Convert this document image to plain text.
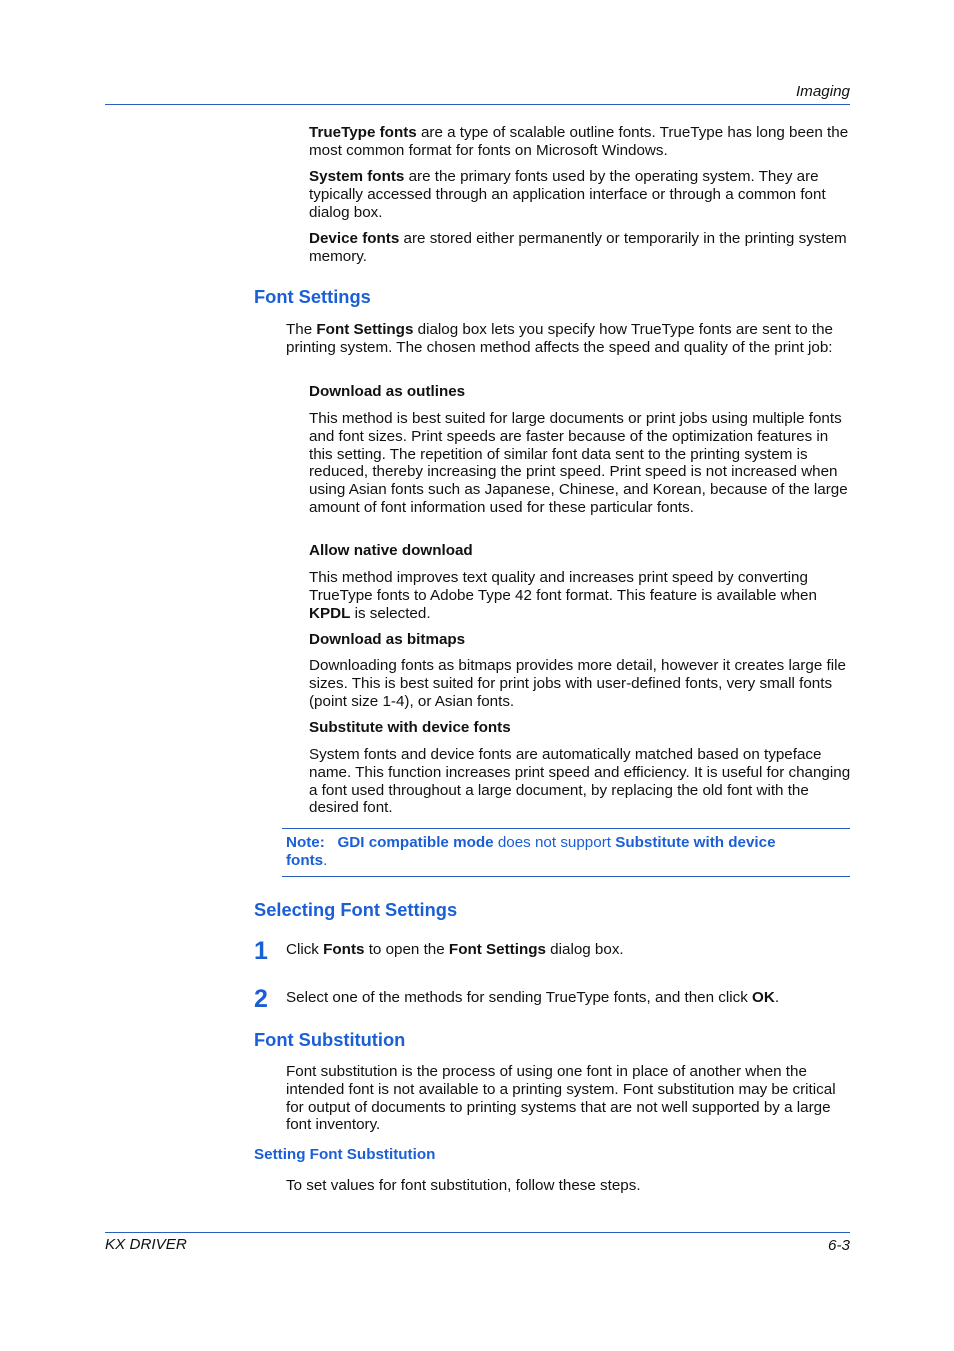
Imaging

TrueType fonts are a type of scalable outline fonts. TrueType has long been the most common format for fonts on Microsoft Windows.

System fonts are the primary fonts used by the operating system. They are typically accessed through an application interface or through a common font dialog box.

Device fonts are stored either permanently or temporarily in the printing system memory.

Font Settings

The Font Settings dialog box lets you specify how TrueType fonts are sent to the printing system. The chosen method affects the speed and quality of the print job:

Download as outlines

This method is best suited for large documents or print jobs using multiple fonts and font sizes. Print speeds are faster because of the optimization features in this setting. The repetition of similar font data sent to the printing system is reduced, thereby increasing the print speed. Print speed is not increased when using Asian fonts such as Japanese, Chinese, and Korean, because of the large amount of font information used for these particular fonts.

Allow native download

This method improves text quality and increases print speed by converting TrueType fonts to Adobe Type 42 font format. This feature is available when KPDL is selected.

Download as bitmaps

Downloading fonts as bitmaps provides more detail, however it creates large file sizes. This is best suited for print jobs with user-defined fonts, very small fonts (point size 1-4), or Asian fonts.

Substitute with device fonts

System fonts and device fonts are automatically matched based on typeface name. This function increases print speed and efficiency. It is useful for changing a font used throughout a large document, by replacing the old font with the desired font.

Note: GDI compatible mode does not support Substitute with device fonts.

Selecting Font Settings
1 Click Fonts to open the Font Settings dialog box.

2 Select one of the methods for sending TrueType fonts, and then click OK.

Font Substitution

Font substitution is the process of using one font in place of another when the intended font is not available to a printing system. Font substitution may be critical for output of documents to printing systems that are not well supported by a large font inventory.

Setting Font Substitution

To set values for font substitution, follow these steps.

KX DRIVER	6-3
